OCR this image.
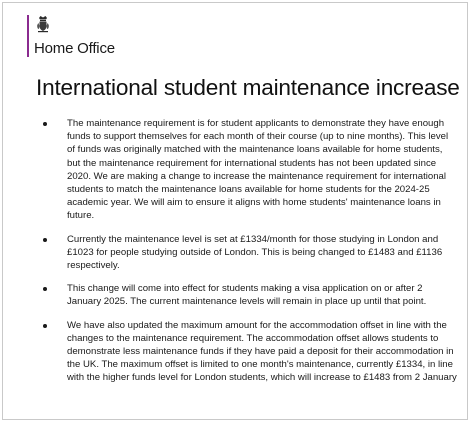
Home Office
International student maintenance increase
The maintenance requirement is for student applicants to demonstrate they have enough funds to support themselves for each month of their course (up to nine months). This level of funds was originally matched with the maintenance loans available for home students, but the maintenance requirement for international students has not been updated since 2020. We are making a change to increase the maintenance requirement for international students to match the maintenance loans available for home students for the 2024-25 academic year. We will aim to ensure it aligns with home students' maintenance loans in future.
Currently the maintenance level is set at £1334/month for those studying in London and £1023 for people studying outside of London. This is being changed to £1483 and £1136 respectively.
This change will come into effect for students making a visa application on or after 2 January 2025. The current maintenance levels will remain in place up until that point.
We have also updated the maximum amount for the accommodation offset in line with the changes to the maintenance requirement. The accommodation offset allows students to demonstrate less maintenance funds if they have paid a deposit for their accommodation in the UK. The maximum offset is limited to one month's maintenance, currently £1334, in line with the higher funds level for London students, which will increase to £1483 from 2 January
